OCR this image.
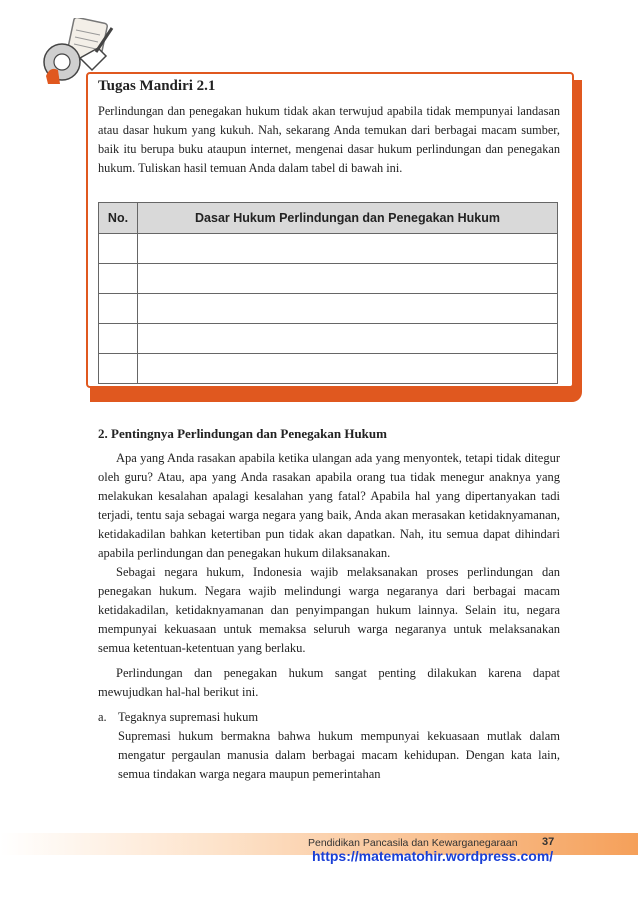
Tugas Mandiri 2.1
Perlindungan dan penegakan hukum tidak akan terwujud apabila tidak mempunyai landasan atau dasar hukum yang kukuh. Nah, sekarang Anda temukan dari berbagai macam sumber, baik itu berupa buku ataupun internet, mengenai dasar hukum perlindungan dan penegakan hukum. Tuliskan hasil temuan Anda dalam tabel di bawah ini.
No.	Dasar Hukum Perlindungan dan Penegakan Hukum

2. Pentingnya Perlindungan dan Penegakan Hukum

Apa yang Anda rasakan apabila ketika ulangan ada yang menyontek, tetapi tidak ditegur oleh guru? Atau, apa yang Anda rasakan apabila orang tua tidak menegur anaknya yang melakukan kesalahan apalagi kesalahan yang fatal? Apabila hal yang dipertanyakan tadi terjadi, tentu saja sebagai warga negara yang baik, Anda akan merasakan ketidaknyamanan, ketidakadilan bahkan ketertiban pun tidak akan dapatkan. Nah, itu semua dapat dihindari apabila perlindungan dan penegakan hukum dilaksanakan.

Sebagai negara hukum, Indonesia wajib melaksanakan proses perlindungan dan penegakan hukum. Negara wajib melindungi warga negaranya dari berbagai macam ketidakadilan, ketidaknyamanan dan penyimpangan hukum lainnya. Selain itu, negara mempunyai kekuasaan untuk memaksa seluruh warga negaranya untuk melaksanakan semua ketentuan-ketentuan yang berlaku.

Perlindungan dan penegakan hukum sangat penting dilakukan karena dapat mewujudkan hal-hal berikut ini.

a. Tegaknya supremasi hukum
Supremasi hukum bermakna bahwa hukum mempunyai kekuasaan mutlak dalam mengatur pergaulan manusia dalam berbagai macam kehidupan. Dengan kata lain, semua tindakan warga negara maupun pemerintahan
Pendidikan Pancasila dan Kewarganegaraan 37
https://matematohir.wordpress.com/
